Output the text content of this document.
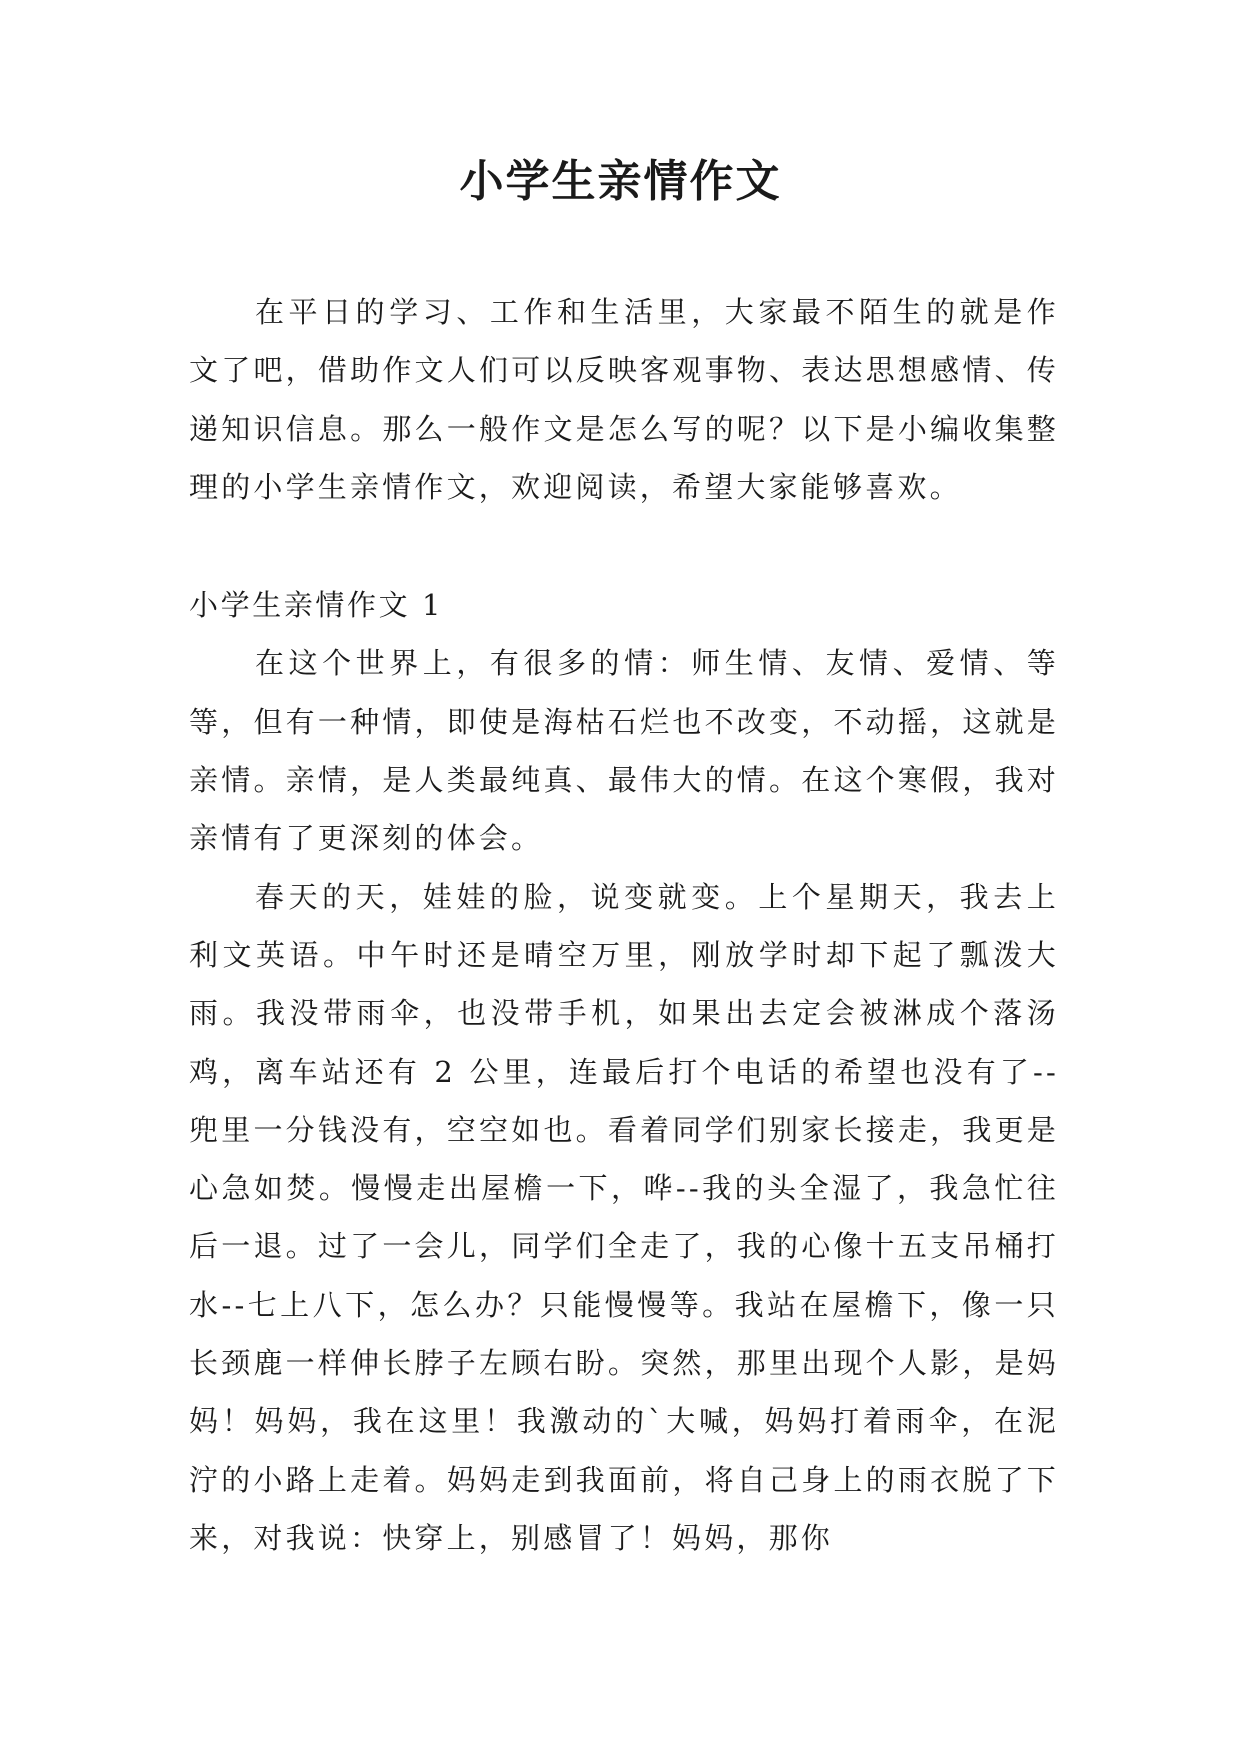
小学生亲情作文

在平日的学习、工作和生活里，大家最不陌生的就是作文了吧，借助作文人们可以反映客观事物、表达思想感情、传递知识信息。那么一般作文是怎么写的呢？以下是小编收集整理的小学生亲情作文，欢迎阅读，希望大家能够喜欢。

小学生亲情作文 1

在这个世界上，有很多的情：师生情、友情、爱情、等等，但有一种情，即使是海枯石烂也不改变，不动摇，这就是亲情。亲情，是人类最纯真、最伟大的情。在这个寒假，我对亲情有了更深刻的体会。

春天的天，娃娃的脸，说变就变。上个星期天，我去上利文英语。中午时还是晴空万里，刚放学时却下起了瓢泼大雨。我没带雨伞，也没带手机，如果出去定会被淋成个落汤鸡，离车站还有 2 公里，连最后打个电话的希望也没有了--兜里一分钱没有，空空如也。看着同学们别家长接走，我更是心急如焚。慢慢走出屋檐一下，哗--我的头全湿了，我急忙往后一退。过了一会儿，同学们全走了，我的心像十五支吊桶打水--七上八下，怎么办？只能慢慢等。我站在屋檐下，像一只长颈鹿一样伸长脖子左顾右盼。突然，那里出现个人影，是妈妈！妈妈，我在这里！我激动的`大喊，妈妈打着雨伞，在泥泞的小路上走着。妈妈走到我面前，将自己身上的雨衣脱了下来，对我说：快穿上，别感冒了！妈妈，那你
